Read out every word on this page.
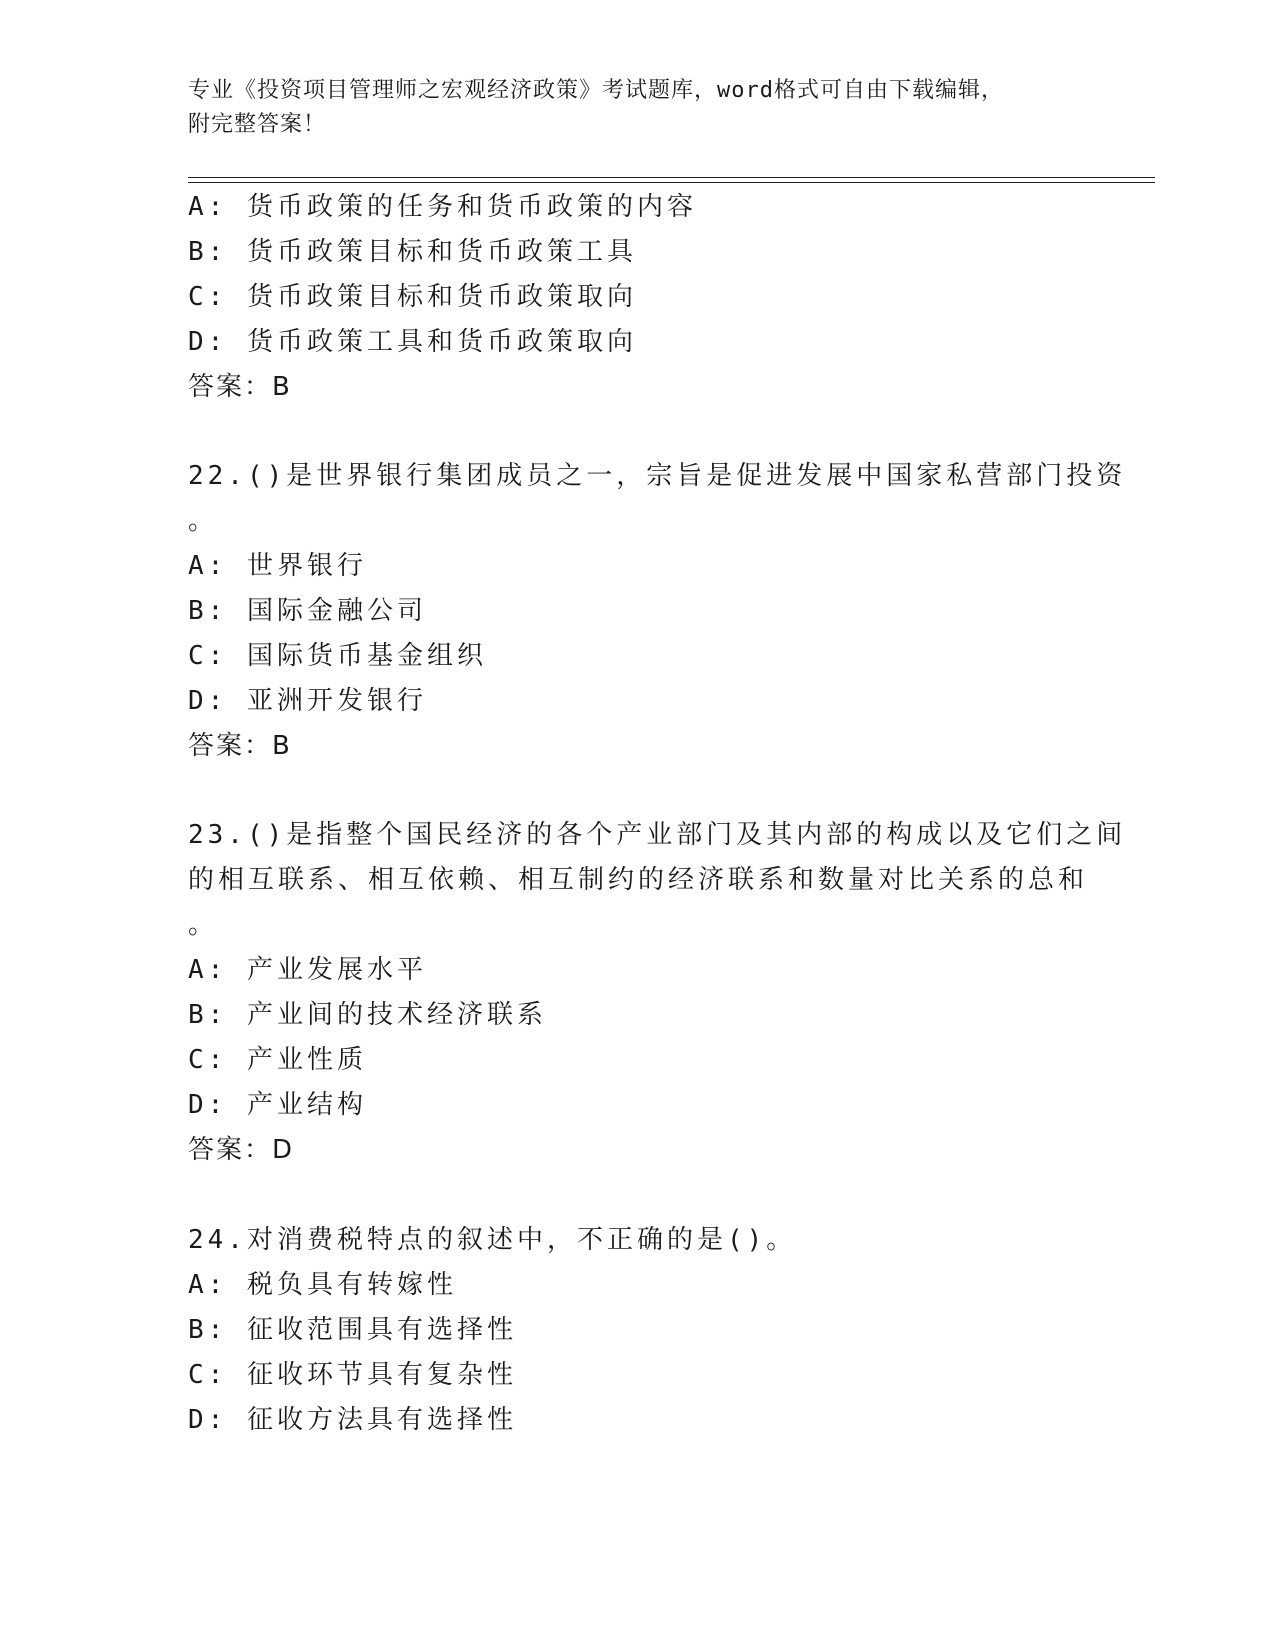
专业《投资项目管理师之宏观经济政策》考试题库，word格式可自由下载编辑，
附完整答案！
A: 货币政策的任务和货币政策的内容
B: 货币政策目标和货币政策工具
C: 货币政策目标和货币政策取向
D: 货币政策工具和货币政策取向
答案：B
22.()是世界银行集团成员之一，宗旨是促进发展中国家私营部门投资
。
A: 世界银行
B: 国际金融公司
C: 国际货币基金组织
D: 亚洲开发银行
答案：B
23.()是指整个国民经济的各个产业部门及其内部的构成以及它们之间
的相互联系、相互依赖、相互制约的经济联系和数量对比关系的总和
。
A: 产业发展水平
B: 产业间的技术经济联系
C: 产业性质
D: 产业结构
答案：D
24.对消费税特点的叙述中，不正确的是()。
A: 税负具有转嫁性
B: 征收范围具有选择性
C: 征收环节具有复杂性
D: 征收方法具有选择性
